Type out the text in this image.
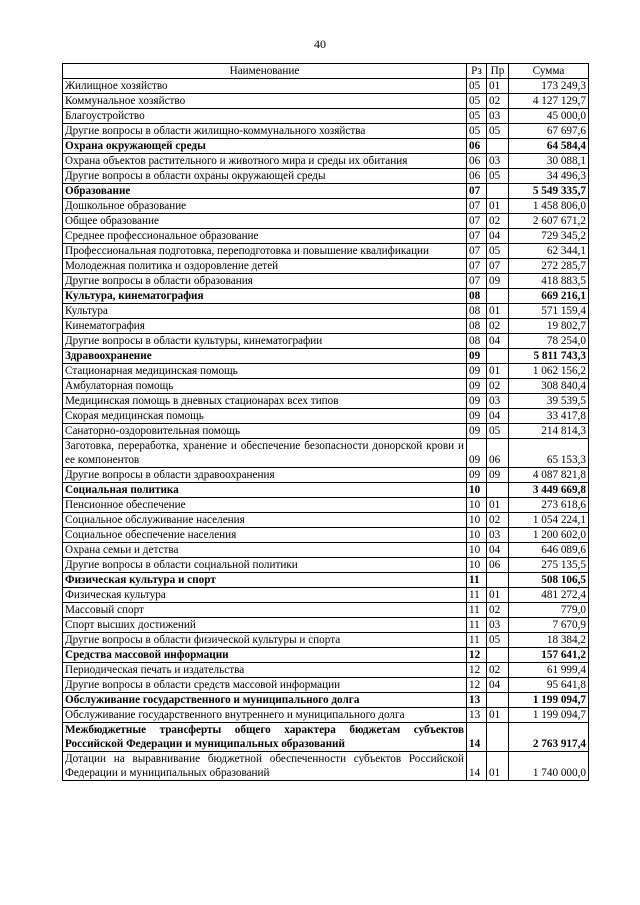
40
Наименование	Рз	Пр	Сумма
Жилищное хозяйство	05	01	173 249,3
Коммунальное хозяйство	05	02	4 127 129,7
Благоустройство	05	03	45 000,0
Другие вопросы в области жилищно-коммунального хозяйства	05	05	67 697,6
Охрана окружающей среды	06		64 584,4
Охрана объектов растительного и животного мира и среды их обитания	06	03	30 088,1
Другие вопросы в области охраны окружающей среды	06	05	34 496,3
Образование	07		5 549 335,7
Дошкольное образование	07	01	1 458 806,0
Общее образование	07	02	2 607 671,2
Среднее профессиональное образование	07	04	729 345,2
Профессиональная подготовка, переподготовка и повышение квалификации	07	05	62 344,1
Молодежная политика и оздоровление детей	07	07	272 285,7
Другие вопросы в области образования	07	09	418 883,5
Культура, кинематография	08		669 216,1
Культура	08	01	571 159,4
Кинематография	08	02	19 802,7
Другие вопросы в области культуры, кинематографии	08	04	78 254,0
Здравоохранение	09		5 811 743,3
Стационарная медицинская помощь	09	01	1 062 156,2
Амбулаторная помощь	09	02	308 840,4
Медицинская помощь в дневных стационарах всех типов	09	03	39 539,5
Скорая медицинская помощь	09	04	33 417,8
Санаторно-оздоровительная помощь	09	05	214 814,3
Заготовка, переработка, хранение и обеспечение безопасности донорской крови и ее компонентов	09	06	65 153,3
Другие вопросы в области здравоохранения	09	09	4 087 821,8
Социальная политика	10		3 449 669,8
Пенсионное обеспечение	10	01	273 618,6
Социальное обслуживание населения	10	02	1 054 224,1
Социальное обеспечение населения	10	03	1 200 602,0
Охрана семьи и детства	10	04	646 089,6
Другие вопросы в области социальной политики	10	06	275 135,5
Физическая культура и спорт	11		508 106,5
Физическая культура	11	01	481 272,4
Массовый спорт	11	02	779,0
Спорт высших достижений	11	03	7 670,9
Другие вопросы в области физической культуры и спорта	11	05	18 384,2
Средства массовой информации	12		157 641,2
Периодическая печать и издательства	12	02	61 999,4
Другие вопросы в области средств массовой информации	12	04	95 641,8
Обслуживание государственного и муниципального долга	13		1 199 094,7
Обслуживание государственного внутреннего и муниципального долга	13	01	1 199 094,7
Межбюджетные трансферты общего характера бюджетам субъектов Российской Федерации и муниципальных образований	14		2 763 917,4
Дотации на выравнивание бюджетной обеспеченности субъектов Российской Федерации и муниципальных образований	14	01	1 740 000,0
